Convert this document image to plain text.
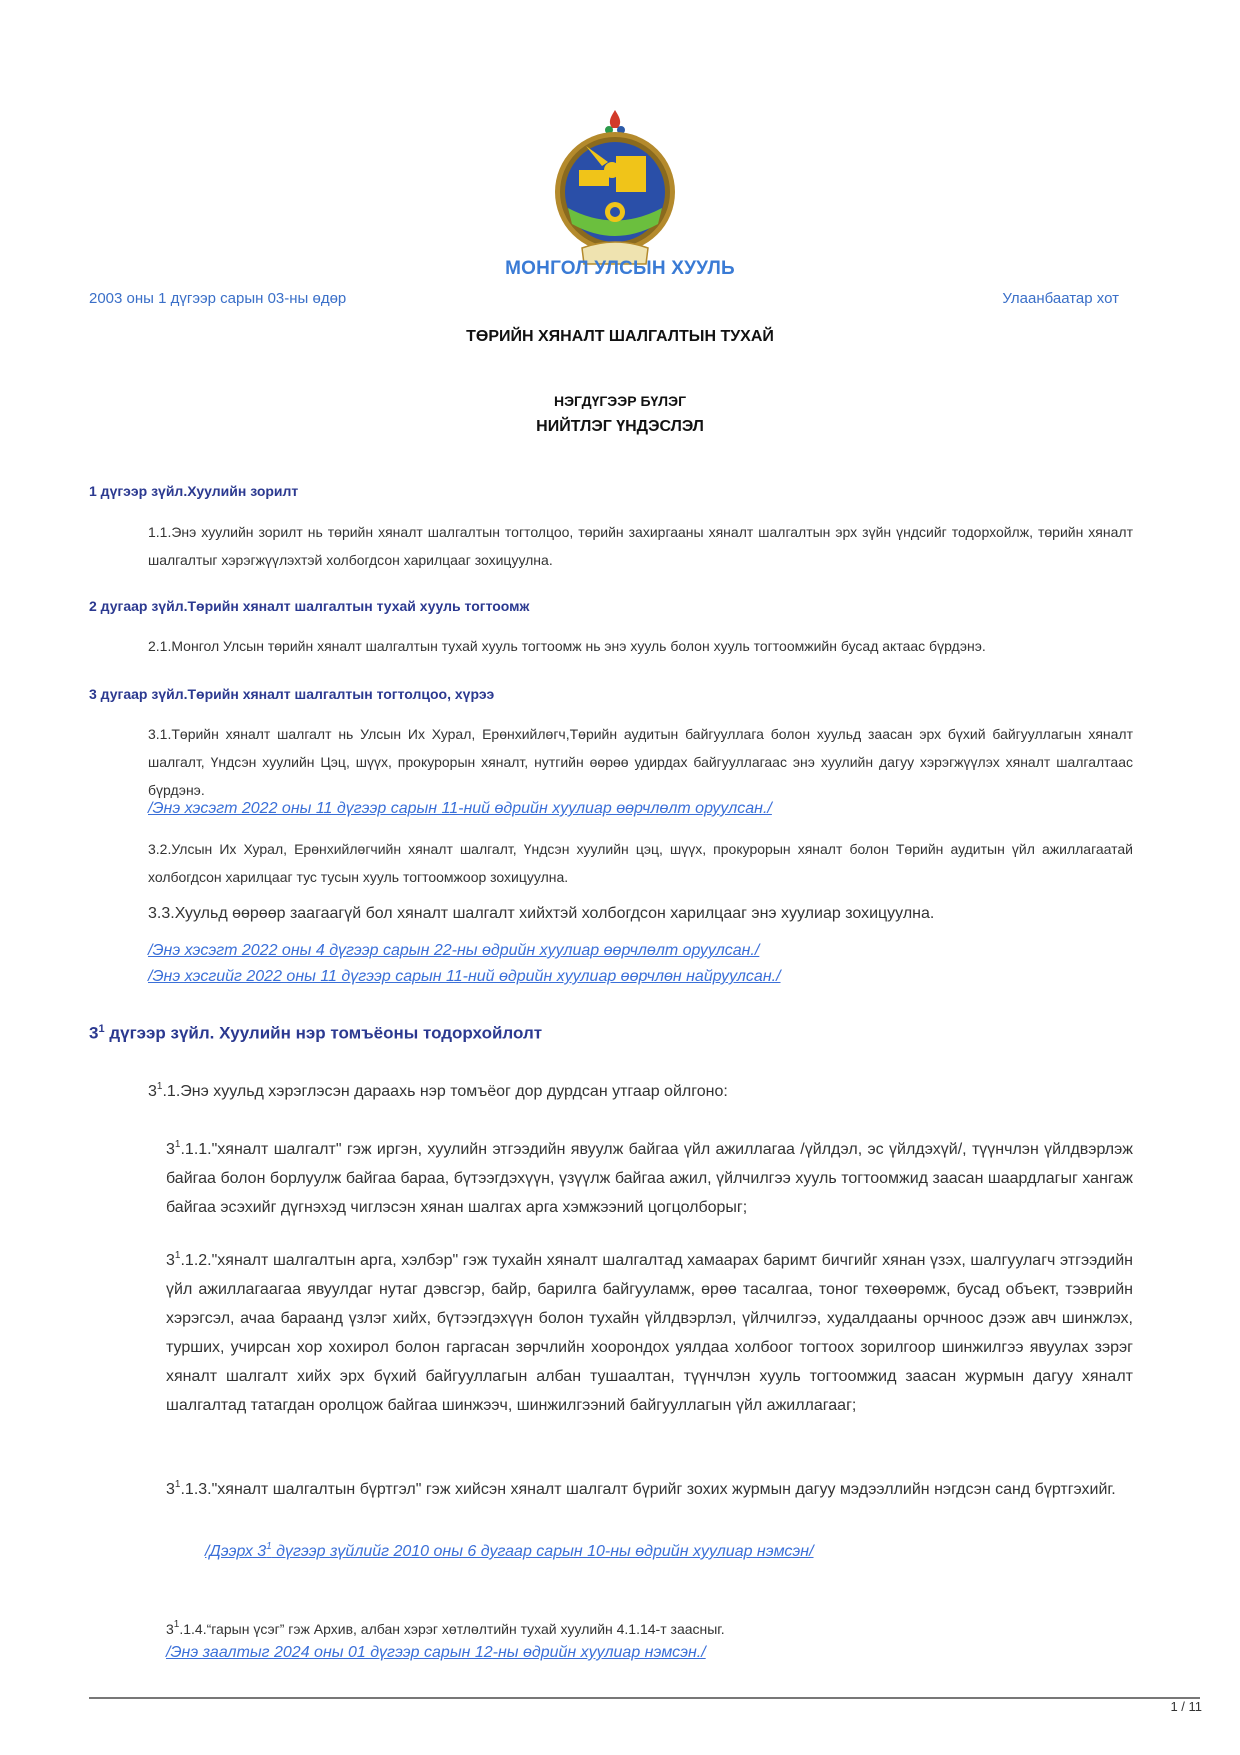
МОНГОЛ УЛСЫН ХУУЛЬ
2003 оны 1 дүгээр сарын 03-ны өдөр	Улаанбаатар хот
ТӨРИЙН ХЯНАЛТ ШАЛГАЛТЫН ТУХАЙ
НЭГДҮГЭЭР БҮЛЭГ
НИЙТЛЭГ ҮНДЭСЛЭЛ
1 дүгээр зүйл.Хуулийн зорилт
1.1.Энэ хуулийн зорилт нь төрийн хяналт шалгалтын тогтолцоо, төрийн захиргааны хяналт шалгалтын эрх зүйн үндсийг тодорхойлж, төрийн хяналт шалгалтыг хэрэгжүүлэхтэй холбогдсон харилцааг зохицуулна.
2 дугаар зүйл.Төрийн хяналт шалгалтын тухай хууль тогтоомж
2.1.Монгол Улсын төрийн хяналт шалгалтын тухай хууль тогтоомж нь энэ хууль болон хууль тогтоомжийн бусад актаас бүрдэнэ.
3 дугаар зүйл.Төрийн хяналт шалгалтын тогтолцоо, хүрээ
3.1.Төрийн хяналт шалгалт нь Улсын Их Хурал, Ерөнхийлөгч,Төрийн аудитын байгууллага болон хуульд заасан эрх бүхий байгууллагын хяналт шалгалт, Үндсэн хуулийн Цэц, шүүх, прокурорын хяналт, нутгийн өөрөө удирдах байгууллагаас энэ хуулийн дагуу хэрэгжүүлэх хяналт шалгалтаас бүрдэнэ.
/Энэ хэсэгт 2022 оны 11 дүгээр сарын 11-ний өдрийн хуулиар өөрчлөлт оруулсан./
3.2.Улсын Их Хурал, Ерөнхийлөгчийн хяналт шалгалт, Үндсэн хуулийн цэц, шүүх, прокурорын хяналт болон Төрийн аудитын үйл ажиллагаатай холбогдсон харилцааг тус тусын хууль тогтоомжоор зохицуулна.
3.3.Хуульд өөрөөр заагаагүй бол хяналт шалгалт хийхтэй холбогдсон харилцааг энэ хуулиар зохицуулна.
/Энэ хэсэгт 2022 оны 4 дүгээр сарын 22-ны өдрийн хуулиар өөрчлөлт оруулсан./
/Энэ хэсгийг 2022 оны 11 дүгээр сарын 11-ний өдрийн хуулиар өөрчлөн найруулсан./
$3^1$ дүгээр зүйл. Хуулийн нэр томъёоны тодорхойлолт
$3^1.1.Энэ$ хуульд хэрэглэсэн дараахь нэр томъёог дор дурдсан утгаар ойлгоно:
$3^1.1.1."хяналт$ шалгалт" гэж иргэн, хуулийн этгээдийн явуулж байгаа үйл ажиллагаа /үйлдэл, эс үйлдэхүй/, түүнчлэн үйлдвэрлэж байгаа болон борлуулж байгаа бараа, бүтээгдэхүүн, үзүүлж байгаа ажил, үйлчилгээ хууль тогтоомжид заасан шаардлагыг хангаж байгаа эсэхийг дүгнэхэд чиглэсэн хянан шалгах арга хэмжээний цогцолборыг;
$3^1.1.2."хяналт$ шалгалтын арга, хэлбэр" гэж тухайн хяналт шалгалтад хамаарах баримт бичгийг хянан үзэх, шалгуулагч этгээдийн үйл ажиллагаагаа явуулдаг нутаг дэвсгэр, байр, барилга байгууламж, өрөө тасалгаа, тоног төхөөрөмж, бусад объект, тээврийн хэрэгсэл, ачаа бараанд үзлэг хийх, бүтээгдэхүүн болон тухайн үйлдвэрлэл, үйлчилгээ, худалдааны орчноос дээж авч шинжлэх, турших, учирсан хор хохирол болон гаргасан зөрчлийн хоорондох уялдаа холбоог тогтоох зорилгоор шинжилгээ явуулах зэрэг хяналт шалгалт хийх эрх бүхий байгууллагын албан тушаалтан, түүнчлэн хууль тогтоомжид заасан журмын дагуу хяналт шалгалтад татагдан оролцож байгаа шинжээч, шинжилгээний байгууллагын үйл ажиллагааг;
$3^1.1.3."хяналт$ шалгалтын бүртгэл" гэж хийсэн хяналт шалгалт бүрийг зохих журмын дагуу мэдээллийн нэгдсэн санд бүртгэхийг.
/Дээрх $3^1$ дүгээр зүйлийг 2010 оны 6 дугаар сарын 10-ны өдрийн хуулиар нэмсэн/
$3^1.1.4.“гарын$ үсэг” гэж Архив, албан хэрэг хөтлөлтийн тухай хуулийн 4.1.14-т заасныг.
/Энэ заалтыг 2024 оны 01 дүгээр сарын 12-ны өдрийн хуулиар нэмсэн./
1 / 11
